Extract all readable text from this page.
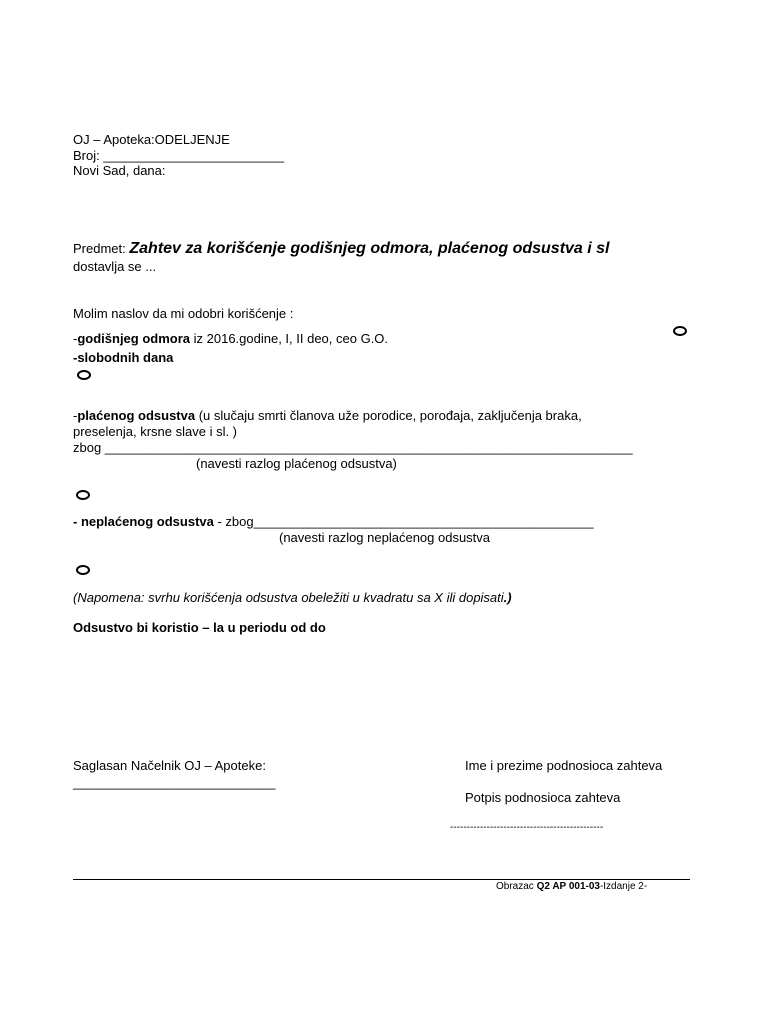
OJ – Apoteka:ODELJENJE
Broj: _________________________
Novi Sad, dana:
Predmet: Zahtev za korišćenje godišnjeg odmora, plaćenog odsustva i sl
dostavlja se ...
Molim naslov da mi odobri korišćenje :
-godišnjeg odmora iz 2016.godine, I, II deo, ceo G.O.
-slobodnih dana
-plaćenog odsustva (u slučaju smrti članova uže porodice, porođaja, zaključenja braka,
preselenja, krsne slave i sl. )
zbog _________________________________________________________________________
(navesti razlog plaćenog odsustva)
- neplaćenog odsustva - zbog_______________________________________________
(navesti razlog neplaćenog odsustva
(Napomena: svrhu korišćenja odsustva obeležiti u kvadratu sa X ili dopisati.)
Odsustvo bi koristio – la u periodu od do
Saglasan Načelnik OJ – Apoteke:
____________________________
Ime i prezime podnosioca zahteva
Potpis podnosioca zahteva
----------------------------------------------
Obrazac Q2 AP 001-03-Izdanje 2-
